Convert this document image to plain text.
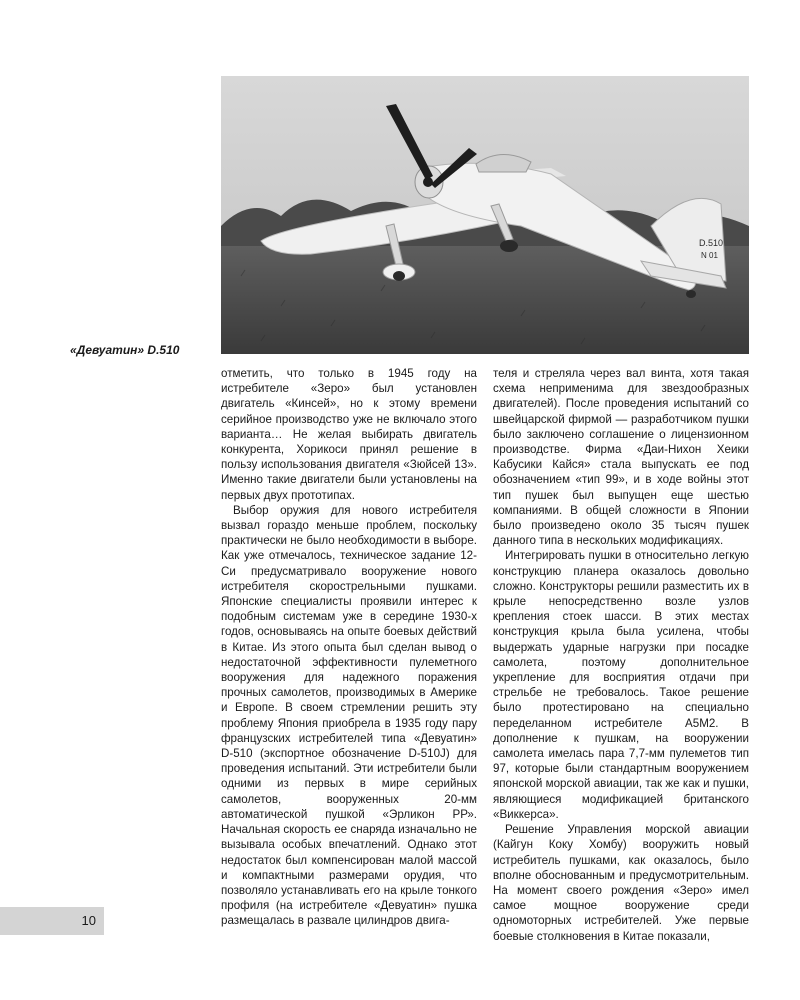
D.510
N 01
«Девуатин» D.510

отметить, что только в 1945 году на истребителе «Зеро» был установлен двигатель «Кинсей», но к этому времени серийное производство уже не включало этого варианта… Не желая выбирать двигатель конкурента, Хорикоси принял решение в пользу использования двигателя «Зюйсей 13». Именно такие двигатели были установлены на первых двух прототипах.

Выбор оружия для нового истребителя вызвал гораздо меньше проблем, поскольку практически не было необходимости в выборе. Как уже отмечалось, техническое задание 12-Си предусматривало вооружение нового истребителя скорострельными пушками. Японские специалисты проявили интерес к подобным системам уже в середине 1930-х годов, основываясь на опыте боевых действий в Китае. Из этого опыта был сделан вывод о недостаточной эффективности пулеметного вооружения для надежного поражения прочных самолетов, производимых в Америке и Европе. В своем стремлении решить эту проблему Япония приобрела в 1935 году пару французских истребителей типа «Девуатин» D-510 (экспортное обозначение D-510J) для проведения испытаний. Эти истребители были одними из первых в мире серийных самолетов, вооруженных 20-мм автоматической пушкой «Эрликон РР». Начальная скорость ее снаряда изначально не вызывала особых впечатлений. Однако этот недостаток был компенсирован малой массой и компактными размерами орудия, что позволяло устанавливать его на крыле тонкого профиля (на истребителе «Девуатин» пушка размещалась в развале цилиндров двига-

теля и стреляла через вал винта, хотя такая схема неприменима для звездообразных двигателей). После проведения испытаний со швейцарской фирмой — разработчиком пушки было заключено соглашение о лицензионном производстве. Фирма «Даи-Нихон Хеики Кабусики Кайся» стала выпускать ее под обозначением «тип 99», и в ходе войны этот тип пушек был выпущен еще шестью компаниями. В общей сложности в Японии было произведено около 35 тысяч пушек данного типа в нескольких модификациях.

Интегрировать пушки в относительно легкую конструкцию планера оказалось довольно сложно. Конструкторы решили разместить их в крыле непосредственно возле узлов крепления стоек шасси. В этих местах конструкция крыла была усилена, чтобы выдержать ударные нагрузки при посадке самолета, поэтому дополнительное укрепление для восприятия отдачи при стрельбе не требовалось. Такое решение было протестировано на специально переделанном истребителе А5М2. В дополнение к пушкам, на вооружении самолета имелась пара 7,7-мм пулеметов тип 97, которые были стандартным вооружением японской морской авиации, так же как и пушки, являющиеся модификацией британского «Виккерса».

Решение Управления морской авиации (Кайгун Коку Хомбу) вооружить новый истребитель пушками, как оказалось, было вполне обоснованным и предусмотрительным. На момент своего рождения «Зеро» имел самое мощное вооружение среди одномоторных истребителей. Уже первые боевые столкновения в Китае показали,

10
